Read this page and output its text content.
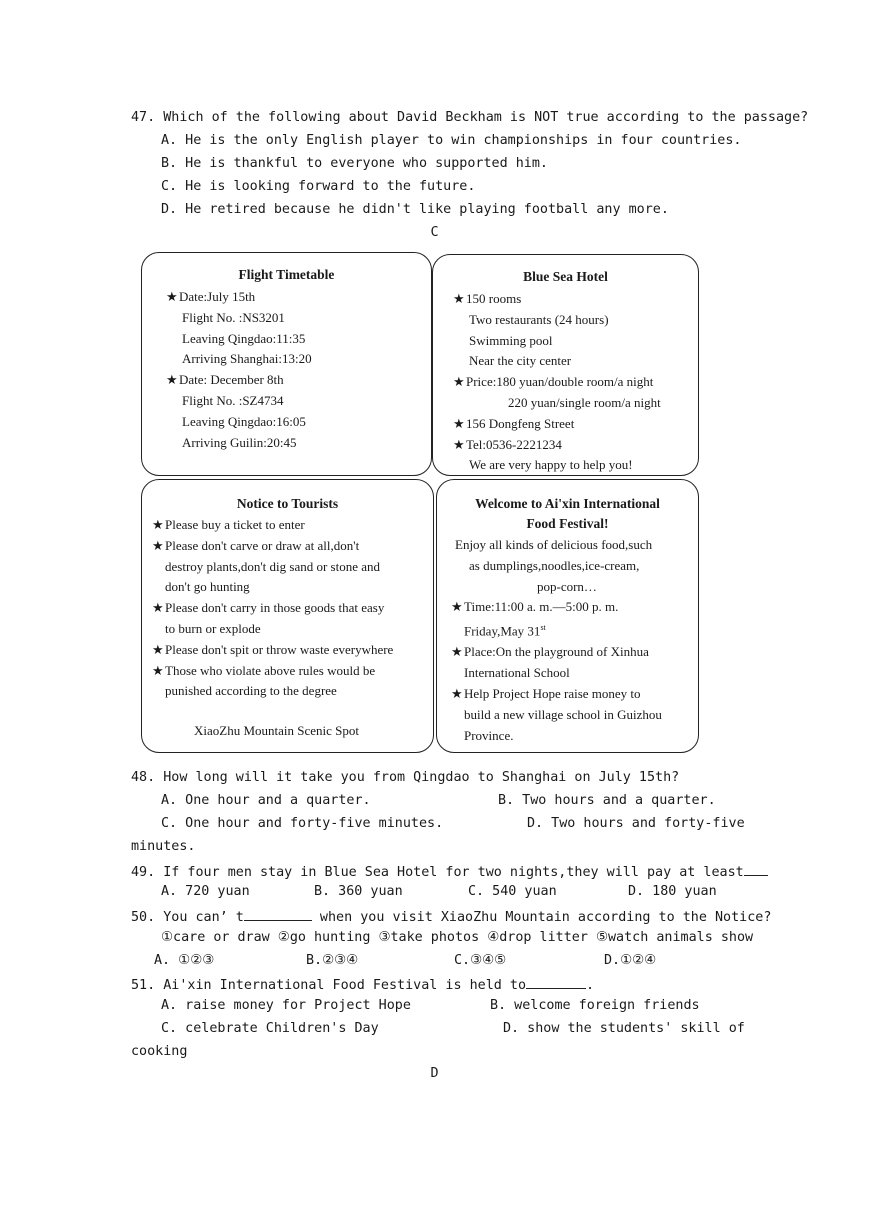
47. Which of the following about David Beckham is NOT true according to the passage?
A. He is the only English player to win championships in four countries.
B. He is thankful to everyone who supported him.
C. He is looking forward to the future.
D. He retired because he didn't like playing football any more.
C
Flight Timetable
★Date:July 15th
Flight No. :NS3201
Leaving Qingdao:11:35
Arriving Shanghai:13:20
★Date: December 8th
Flight No. :SZ4734
Leaving Qingdao:16:05
Arriving Guilin:20:45
Blue Sea Hotel
★150 rooms
Two restaurants (24 hours)
Swimming pool
Near the city center
★Price:180 yuan/double room/a night
220 yuan/single room/a night
★156 Dongfeng Street
★Tel:0536-2221234
We are very happy to help you!
Notice to Tourists
★Please buy a ticket to enter
★Please don't carve or draw at all,don't
destroy plants,don't dig sand or stone and
don't go hunting
★Please don't carry in those goods that easy
to burn or explode
★Please don't spit or throw waste everywhere
★Those who violate above rules would be
punished according to the degree
XiaoZhu Mountain Scenic Spot
Welcome to Ai'xin International
Food Festival!
Enjoy all kinds of delicious food,such
as dumplings,noodles,ice-cream,
pop-corn…
★Time:11:00 a. m.—5:00 p. m.
Friday,May 31st
★Place:On the playground of Xinhua
International School
★Help Project Hope raise money to
build a new village school in Guizhou
Province.
48. How long will it take you from Qingdao to Shanghai on July 15th?
A. One hour and a quarter.	B. Two hours and a quarter.
C. One hour and forty-five minutes.	D. Two hours and forty-five
minutes.
49. If four men stay in Blue Sea Hotel for two nights,they will pay at least
A. 720 yuan	B. 360 yuan	C. 540 yuan	D. 180 yuan
50. You can’ t	when you visit XiaoZhu Mountain according to the Notice?
①care or draw ②go hunting ③take photos ④drop litter ⑤watch animals show
A. ①②③	B.②③④	C.③④⑤	D.①②④
51. Ai'xin International Food Festival is held to	.
A. raise money for Project Hope	B. welcome foreign friends
C. celebrate Children's Day	D. show the students' skill of
cooking
D
